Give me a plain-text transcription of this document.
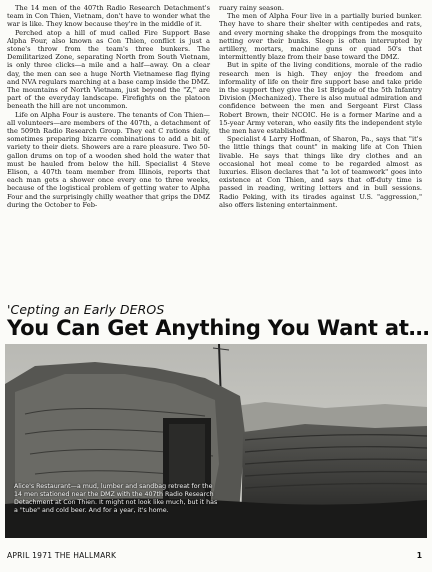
The 14 men of the 407th Radio Research Detachment's team in Con Thien, Vietnam, don't have to wonder what the war is like. They know because they're in the middle of it.

Perched atop a hill of mud called Fire Support Base Alpha Four, also known as Con Thien, conflict is just a stone's throw from the team's three bunkers. The Demilitarized Zone, separating North from South Vietnam, is only three clicks—a mile and a half—away. On a clear day, the men can see a huge North Vietnamese flag flying and NVA regulars marching at a base camp inside the DMZ. The mountains of North Vietnam, just beyond the "Z," are part of the everyday landscape. Firefights on the platoon beneath the hill are not uncommon.

Life on Alpha Four is austere. The tenants of Con Thien—all volunteers—are members of the 407th, a detachment of the 509th Radio Research Group. They eat C rations daily, sometimes preparing bizarre combinations to add a bit of variety to their diets. Showers are a rare pleasure. Two 50-gallon drums on top of a wooden shed hold the water that must be hauled from below the hill. Specialist 4 Steve Elison, a 407th team member from Illinois, reports that each man gets a shower once every one to three weeks, because of the logistical problem of getting water to Alpha Four and the surprisingly chilly weather that grips the DMZ during the October to Feb-

ruary rainy season.

The men of Alpha Four live in a partially buried bunker. They have to share their shelter with centipedes and rats, and every morning shake the droppings from the mosquito netting over their bunks. Sleep is often interrupted by artillery, mortars, machine guns or quad 50's that intermittently blaze from their base toward the DMZ.

But in spite of the living conditions, morale of the radio research men is high. They enjoy the freedom and informality of life on their fire support base and take pride in the support they give the 1st Brigade of the 5th Infantry Division (Mechanized). There is also mutual admiration and confidence between the men and Sergeant First Class Robert Brown, their NCOIC. He is a former Marine and a 15-year Army veteran, who easily fits the independent style the men have established.

Specialist 4 Larry Hoffman, of Sharon, Pa., says that "it's the little things that count" in making life at Con Thien livable. He says that things like dry clothes and an occasional hot meal come to be regarded almost as luxuries. Elison declares that "a lot of teamwork" goes into existence at Con Thien, and says that off-duty time is passed in reading, writing letters and in bull sessions. Radio Peking, with its tirades against U.S. "aggression," also offers listening entertainment.

'Cepting an Early DEROS
You Can Get Anything You Want at…
Alice's Restaurant—a mud, lumber and sandbag retreat for the 14 men stationed near the DMZ with the 407th Radio Research Detachment at Con Thien. It might not look like much, but it has a "tube" and cold beer. And for a year, it's home.
APRIL 1971 THE HALLMARK	1
